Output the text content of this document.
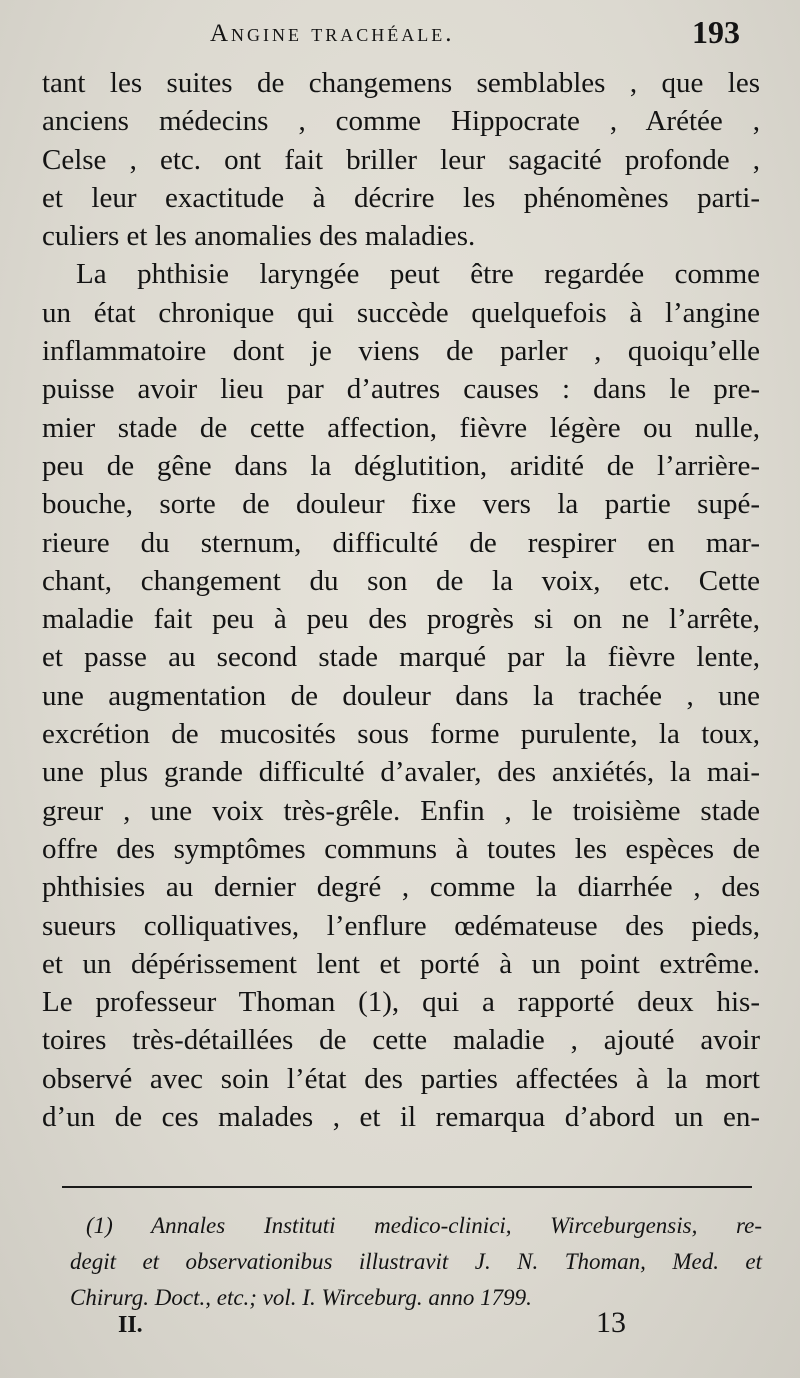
Angine trachéale.	193
tant les suites de changemens semblables , que les
anciens médecins , comme Hippocrate , Arétée ,
Celse , etc. ont fait briller leur sagacité profonde ,
et leur exactitude à décrire les phénomènes parti-
culiers et les anomalies des maladies.
La phthisie laryngée peut être regardée comme
un état chronique qui succède quelquefois à l’angine
inflammatoire dont je viens de parler , quoiqu’elle
puisse avoir lieu par d’autres causes : dans le pre-
mier stade de cette affection, fièvre légère ou nulle,
peu de gêne dans la déglutition, aridité de l’arrière-
bouche, sorte de douleur fixe vers la partie supé-
rieure du sternum, difficulté de respirer en mar-
chant, changement du son de la voix, etc. Cette
maladie fait peu à peu des progrès si on ne l’arrête,
et passe au second stade marqué par la fièvre lente,
une augmentation de douleur dans la trachée , une
excrétion de mucosités sous forme purulente, la toux,
une plus grande difficulté d’avaler, des anxiétés, la mai-
greur , une voix très-grêle. Enfin , le troisième stade
offre des symptômes communs à toutes les espèces de
phthisies au dernier degré , comme la diarrhée , des
sueurs colliquatives, l’enflure œdémateuse des pieds,
et un dépérissement lent et porté à un point extrême.
Le professeur Thoman (1), qui a rapporté deux his-
toires très-détaillées de cette maladie , ajouté avoir
observé avec soin l’état des parties affectées à la mort
d’un de ces malades , et il remarqua d’abord un en-
(1) Annales Instituti medico-clinici, Wirceburgensis, re-
degit et observationibus illustravit J. N. Thoman, Med. et
Chirurg. Doct., etc.; vol. I. Wirceburg. anno 1799.
II.	13
